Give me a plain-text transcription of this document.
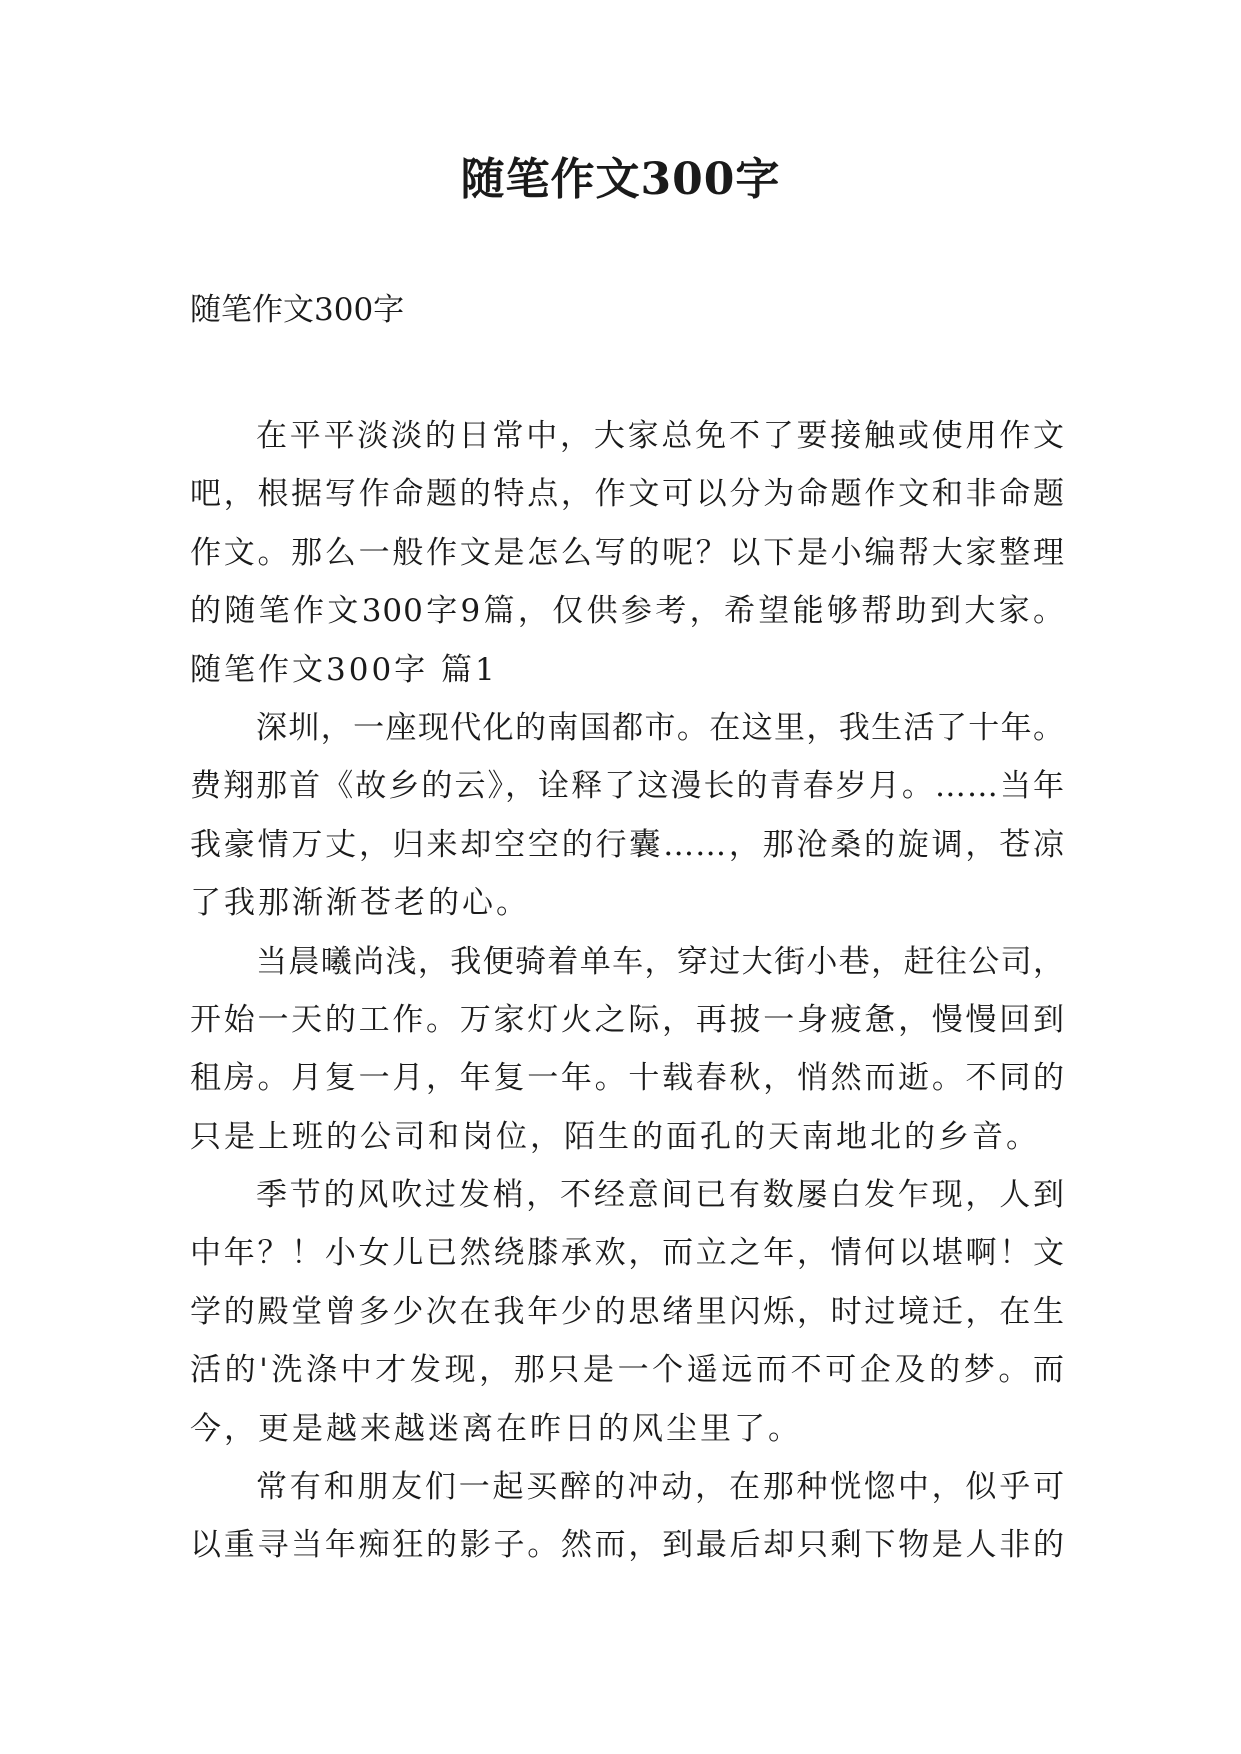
随笔作文300字
随笔作文300字
在平平淡淡的日常中，大家总免不了要接触或使用作文
吧，根据写作命题的特点，作文可以分为命题作文和非命题
作文。那么一般作文是怎么写的呢？以下是小编帮大家整理
的随笔作文300字9篇，仅供参考，希望能够帮助到大家。
随笔作文300字 篇1
深圳，一座现代化的南国都市。在这里，我生活了十年。
费翔那首《故乡的云》，诠释了这漫长的青春岁月。……当年
我豪情万丈，归来却空空的行囊……，那沧桑的旋调，苍凉
了我那渐渐苍老的心。
当晨曦尚浅，我便骑着单车，穿过大街小巷，赶往公司，
开始一天的工作。万家灯火之际，再披一身疲惫，慢慢回到
租房。月复一月，年复一年。十载春秋，悄然而逝。不同的
只是上班的公司和岗位，陌生的面孔的天南地北的乡音。
季节的风吹过发梢，不经意间已有数屡白发乍现，人到
中年？！小女儿已然绕膝承欢，而立之年，情何以堪啊！文
学的殿堂曾多少次在我年少的思绪里闪烁，时过境迁，在生
活的'洗涤中才发现，那只是一个遥远而不可企及的梦。而
今，更是越来越迷离在昨日的风尘里了。
常有和朋友们一起买醉的冲动，在那种恍惚中，似乎可
以重寻当年痴狂的影子。然而，到最后却只剩下物是人非的
